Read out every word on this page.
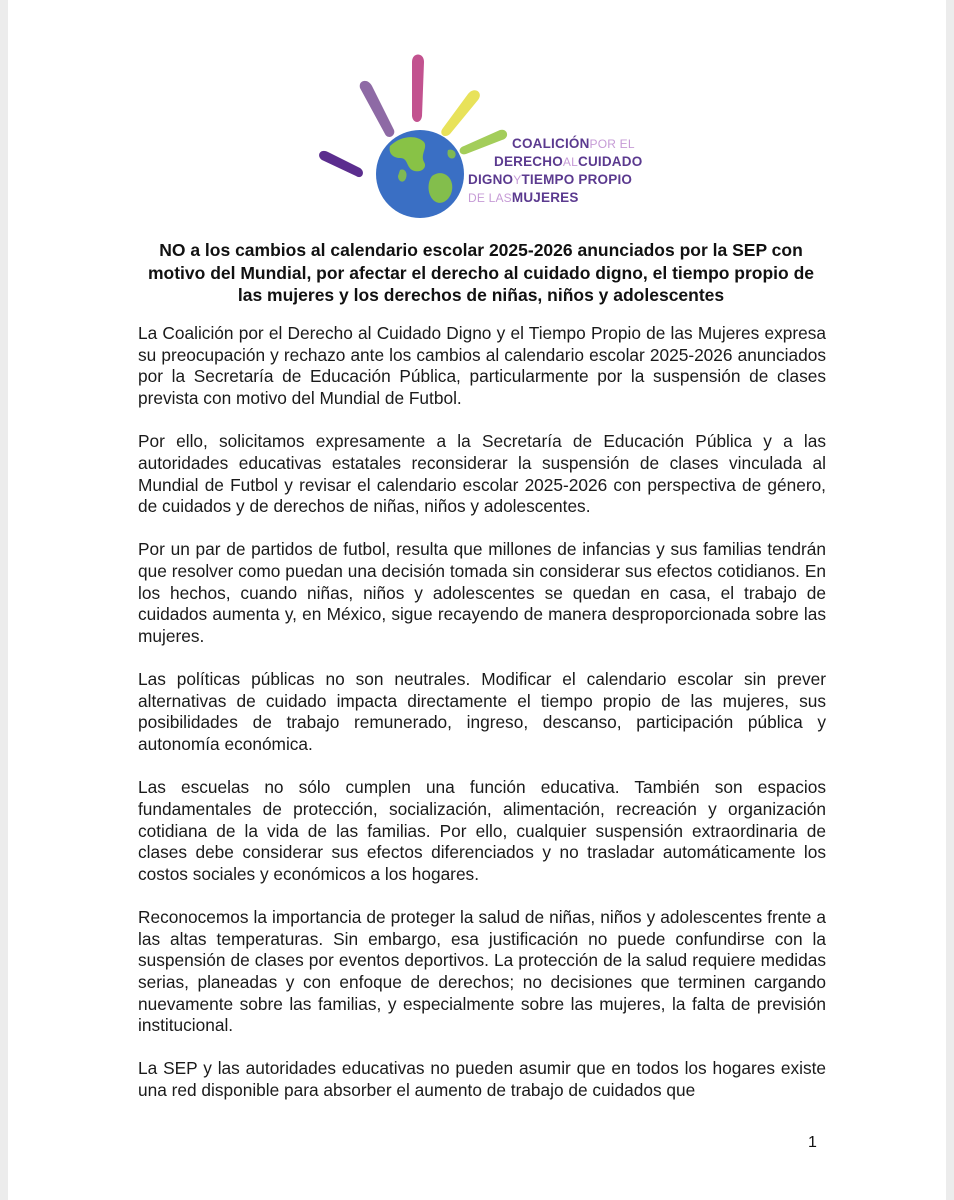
COALICIÓNPOR EL
DERECHOALCUIDADO
DIGNOYTIEMPO PROPIO
DE LASMUJERES
NO a los cambios al calendario escolar 2025-2026 anunciados por la SEP con motivo del Mundial, por afectar el derecho al cuidado digno, el tiempo propio de las mujeres y los derechos de niñas, niños y adolescentes

La Coalición por el Derecho al Cuidado Digno y el Tiempo Propio de las Mujeres expresa su preocupación y rechazo ante los cambios al calendario escolar 2025-2026 anunciados por la Secretaría de Educación Pública, particularmente por la suspensión de clases prevista con motivo del Mundial de Futbol.

Por ello, solicitamos expresamente a la Secretaría de Educación Pública y a las autoridades educativas estatales reconsiderar la suspensión de clases vinculada al Mundial de Futbol y revisar el calendario escolar 2025-2026 con perspectiva de género, de cuidados y de derechos de niñas, niños y adolescentes.

Por un par de partidos de futbol, resulta que millones de infancias y sus familias tendrán que resolver como puedan una decisión tomada sin considerar sus efectos cotidianos. En los hechos, cuando niñas, niños y adolescentes se quedan en casa, el trabajo de cuidados aumenta y, en México, sigue recayendo de manera desproporcionada sobre las mujeres.

Las políticas públicas no son neutrales. Modificar el calendario escolar sin prever alternativas de cuidado impacta directamente el tiempo propio de las mujeres, sus posibilidades de trabajo remunerado, ingreso, descanso, participación pública y autonomía económica.

Las escuelas no sólo cumplen una función educativa. También son espacios fundamentales de protección, socialización, alimentación, recreación y organización cotidiana de la vida de las familias. Por ello, cualquier suspensión extraordinaria de clases debe considerar sus efectos diferenciados y no trasladar automáticamente los costos sociales y económicos a los hogares.

Reconocemos la importancia de proteger la salud de niñas, niños y adolescentes frente a las altas temperaturas. Sin embargo, esa justificación no puede confundirse con la suspensión de clases por eventos deportivos. La protección de la salud requiere medidas serias, planeadas y con enfoque de derechos; no decisiones que terminen cargando nuevamente sobre las familias, y especialmente sobre las mujeres, la falta de previsión institucional.

La SEP y las autoridades educativas no pueden asumir que en todos los hogares existe una red disponible para absorber el aumento de trabajo de cuidados que

1
